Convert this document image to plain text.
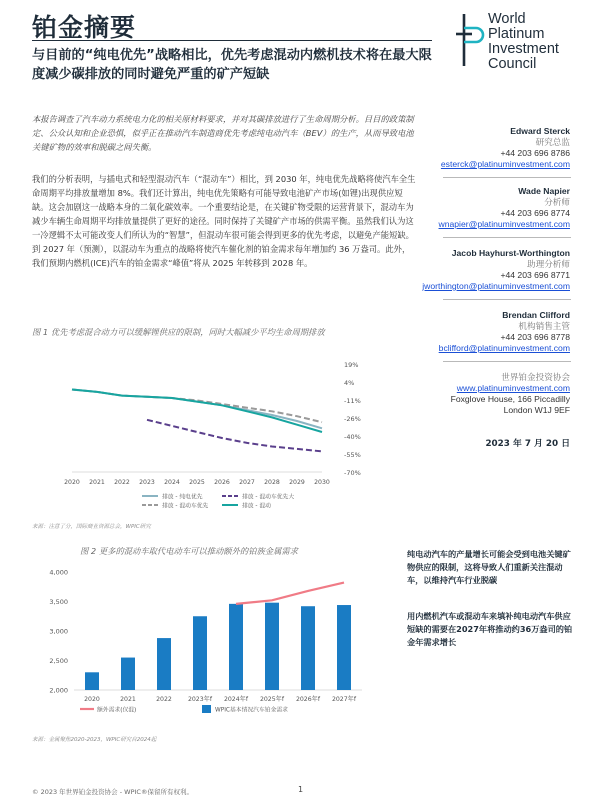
铂金摘要
与目前的“纯电优先”战略相比，优先考虑混动内燃机技术将在最大限度减少碳排放的同时避免严重的矿产短缺
World
Platinum
Investment
Council
本报告调查了汽车动力系统电力化的相关原材料要求，并对其碳排放进行了生命周期分析。目目的政策制定、公众认知和企业恐惧，似乎正在推动汽车制造商优先考虑纯电动汽车（BEV）的生产，从而导致电池关键矿物的效率和脱碳之间失衡。
我们的分析表明，与插电式和轻型混动汽车（“混动车”）相比，到 2030 年，纯电优先战略将使汽车全生命周期平均排放量增加 8%。我们还计算出，纯电优先策略有可能导致电池矿产市场(如锂)出现供应短缺。这会加剧这一战略本身的二氧化碳效率。一个重要结论是，在关键矿物受限的运营背景下，混动车为减少车辆生命周期平均排放量提供了更好的途径。同时保持了关键矿产市场的供需平衡。虽然我们认为这一冷逻辑不太可能改变人们所认为的“智慧”，但混动车很可能会得到更多的优先考虑，以避免产能短缺。到 2027 年（预测），以混动车为重点的战略将使汽车催化剂的铂金需求每年增加约 36 万盎司。此外，我们预期内燃机(ICE)汽车的铂金需求“峰值”将从 2025 年转移到 2028 年。
图 1 优先考虑混合动力可以缓解锂供应的限制，同时大幅减少平均生命周期排放
19%
4%
-11%
-26%
-40%
-55%
-70%
2020 2021 2022 2023 2024 2025 2026 2027 2028 2029 2030
排放 - 纯电优先
排放 - 混动车优先
排放 - 混动车优先大
排放 - 混动
来源：注意了分，国际商业资源总会，WPIC研究
图 2 更多的混动车取代电动车可以推动额外的铂族金属需求
2,000
2,500
3,000
3,500
4,000
2020	2021	2022	2023年f 2024年f 2025年f 2026年f 2027年f
额外需求(仅混)	WPIC基本情况汽车铂金需求
来源：金属聚焦2020-2023，WPIC研究自2024起
Edward Sterck
研究总监
+44 203 696 8786
esterck@platinuminvestment.com
Wade Napier
分析师
+44 203 696 8774
wnapier@platinuminvestment.com
Jacob Hayhurst-Worthington
助理分析师
+44 203 696 8771
jworthington@platinuminvestment.com
Brendan Clifford
机构销售主管
+44 203 696 8778
bclifford@platinuminvestment.com
世界铂金投资协会
www.platinuminvestment.com
Foxglove House, 166 Piccadilly
London W1J 9EF
2023 年 7 月 20 日
纯电动汽车的产量增长可能会受到电池关键矿物供应的限制，这将导致人们重新关注混动车，以维持汽车行业脱碳
用内燃机汽车或混动车来填补纯电动汽车供应短缺的需要在2027年将推动约36万盎司的铂金年需求增长
© 2023 年世界铂金投资协会 - WPIC®保留所有权利。	1
